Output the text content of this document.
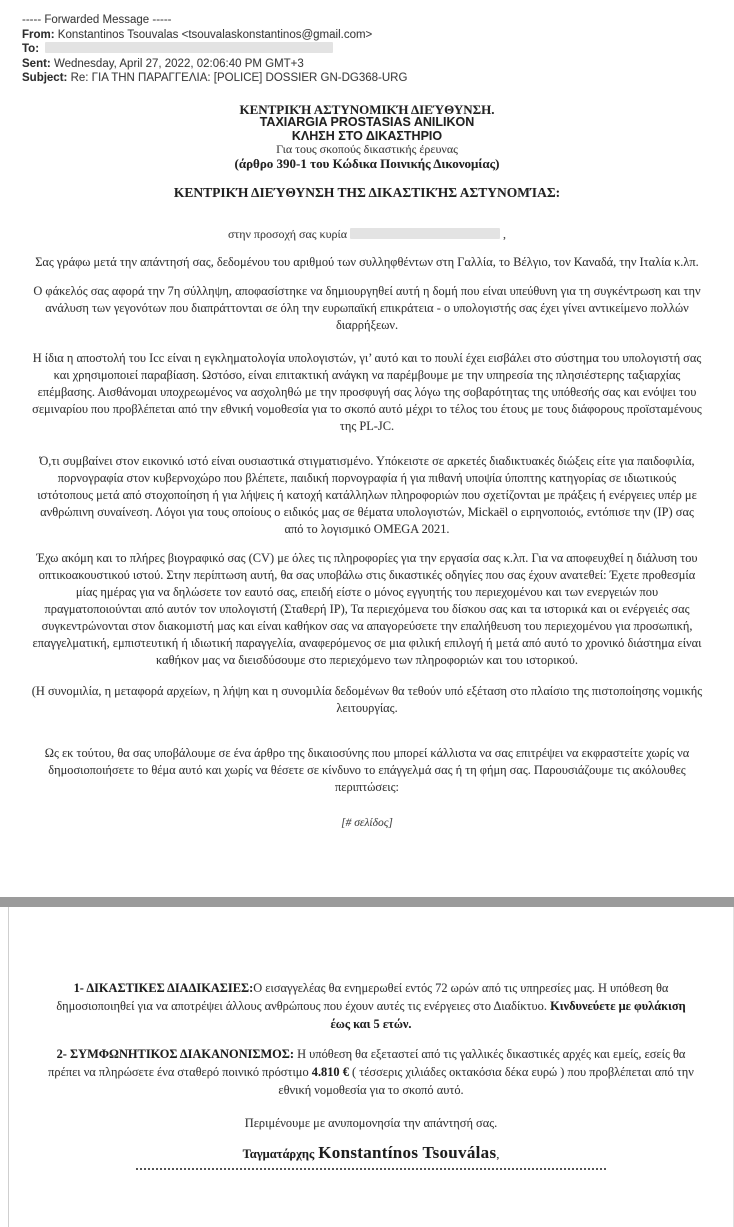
----- Forwarded Message -----
From: Konstantinos Tsouvalas <tsouvalaskonstantinos@gmail.com>
To:
Sent: Wednesday, April 27, 2022, 02:06:40 PM GMT+3
Subject: Re: ΓΙΑ ΤΗΝ ΠΑΡΑΓΓΕΛΙΑ: [POLICE] DOSSIER GN-DG368-URG
ΚΕΝΤΡΙΚΉ ΑΣΤΥΝΟΜΙΚΉ ΔΙΕΎΘΥΝΣΗ.
TAXIARGIA PROSTASIAS ANILIKON
ΚΛΗΣΗ ΣΤΟ ΔΙΚΑΣΤΗΡΙΟ
Για τους σκοπούς δικαστικής έρευνας
(άρθρο 390-1 του Κώδικα Ποινικής Δικονομίας)
ΚΕΝΤΡΙΚΉ ΔΙΕΎΘΥΝΣΗ ΤΗΣ ΔΙΚΑΣΤΙΚΉΣ ΑΣΤΥΝΟΜΊΑΣ:
στην προσοχή σας κυρία	,

Σας γράφω μετά την απάντησή σας, δεδομένου του αριθμού των συλληφθέντων στη Γαλλία, το Βέλγιο, τον Καναδά, την Ιταλία κ.λπ.

Ο φάκελός σας αφορά την 7η σύλληψη, αποφασίστηκε να δημιουργηθεί αυτή η δομή που είναι υπεύθυνη για τη συγκέντρωση και την ανάλυση των γεγονότων που διαπράττονται σε όλη την ευρωπαϊκή επικράτεια - ο υπολογιστής σας έχει γίνει αντικείμενο πολλών διαρρήξεων.

Η ίδια η αποστολή του Icc είναι η εγκληματολογία υπολογιστών, γι’ αυτό και το πουλί έχει εισβάλει στο σύστημα του υπολογιστή σας και χρησιμοποιεί παραβίαση. Ωστόσο, είναι επιτακτική ανάγκη να παρέμβουμε με την υπηρεσία της πλησιέστερης ταξιαρχίας επέμβασης. Αισθάνομαι υποχρεωμένος να ασχοληθώ με την προσφυγή σας λόγω της σοβαρότητας της υπόθεσής σας και ενόψει του σεμιναρίου που προβλέπεται από την εθνική νομοθεσία για το σκοπό αυτό μέχρι το τέλος του έτους με τους διάφορους προϊσταμένους της PL-JC.

Ό,τι συμβαίνει στον εικονικό ιστό είναι ουσιαστικά στιγματισμένο. Υπόκειστε σε αρκετές διαδικτυακές διώξεις είτε για παιδοφιλία, πορνογραφία στον κυβερνοχώρο που βλέπετε, παιδική πορνογραφία ή για πιθανή υποψία ύποπτης κατηγορίας σε ιδιωτικούς ιστότοπους μετά από στοχοποίηση ή για λήψεις ή κατοχή κατάλληλων πληροφοριών που σχετίζονται με πράξεις ή ενέργειες υπέρ με ανθρώπινη συναίνεση. Λόγοι για τους οποίους ο ειδικός μας σε θέματα υπολογιστών, Mickaël ο ειρηνοποιός, εντόπισε την (IP) σας από το λογισμικό OMEGA 2021.

Έχω ακόμη και το πλήρες βιογραφικό σας (CV) με όλες τις πληροφορίες για την εργασία σας κ.λπ. Για να αποφευχθεί η διάλυση του οπτικοακουστικού ιστού. Στην περίπτωση αυτή, θα σας υποβάλω στις δικαστικές οδηγίες που σας έχουν ανατεθεί: Έχετε προθεσμία μίας ημέρας για να δηλώσετε τον εαυτό σας, επειδή είστε ο μόνος εγγυητής του περιεχομένου και των ενεργειών που πραγματοποιούνται από αυτόν τον υπολογιστή (Σταθερή IP), Τα περιεχόμενα του δίσκου σας και τα ιστορικά και οι ενέργειές σας συγκεντρώνονται στον διακομιστή μας και είναι καθήκον σας να απαγορεύσετε την επαλήθευση του περιεχομένου για προσωπική, επαγγελματική, εμπιστευτική ή ιδιωτική παραγγελία, αναφερόμενος σε μια φιλική επιλογή ή μετά από αυτό το χρονικό διάστημα είναι καθήκον μας να διεισδύσουμε στο περιεχόμενο των πληροφοριών και του ιστορικού.

(Η συνομιλία, η μεταφορά αρχείων, η λήψη και η συνομιλία δεδομένων θα τεθούν υπό εξέταση στο πλαίσιο της πιστοποίησης νομικής λειτουργίας.

Ως εκ τούτου, θα σας υποβάλουμε σε ένα άρθρο της δικαιοσύνης που μπορεί κάλλιστα να σας επιτρέψει να εκφραστείτε χωρίς να δημοσιοποιήσετε το θέμα αυτό και χωρίς να θέσετε σε κίνδυνο το επάγγελμά σας ή τη φήμη σας. Παρουσιάζουμε τις ακόλουθες περιπτώσεις:

[# σελίδος]
1- ΔΙΚΑΣΤΙΚΕΣ ΔΙΑΔΙΚΑΣΙΕΣ:Ο εισαγγελέας θα ενημερωθεί εντός 72 ωρών από τις υπηρεσίες μας. Η υπόθεση θα δημοσιοποιηθεί για να αποτρέψει άλλους ανθρώπους που έχουν αυτές τις ενέργειες στο Διαδίκτυο. Κινδυνεύετε με φυλάκιση έως και 5 ετών.
2- ΣΥΜΦΩΝΗΤΙΚΟΣ ΔΙΑΚΑΝΟΝΙΣΜΟΣ: Η υπόθεση θα εξεταστεί από τις γαλλικές δικαστικές αρχές και εμείς, εσείς θα πρέπει να πληρώσετε ένα σταθερό ποινικό πρόστιμο 4.810 € ( τέσσερις χιλιάδες οκτακόσια δέκα ευρώ ) που προβλέπεται από την εθνική νομοθεσία για το σκοπό αυτό.
Περιμένουμε με ανυπομονησία την απάντησή σας.
Ταγματάρχης Konstantínos Tsouválas,
